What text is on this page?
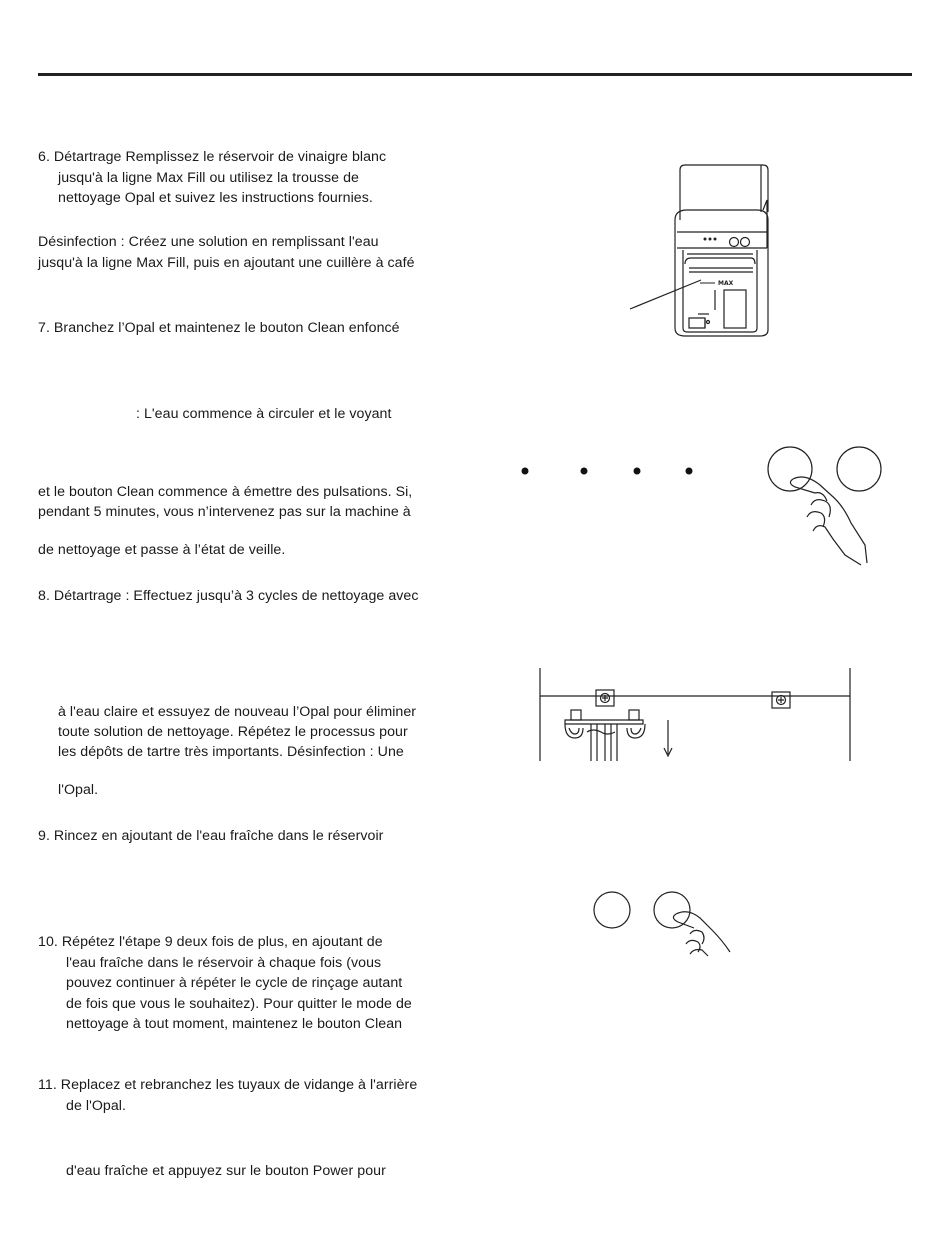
6. Détartrage Remplissez le réservoir de vinaigre blanc
jusqu'à la ligne Max Fill ou utilisez la trousse de
nettoyage Opal et suivez les instructions fournies.
Désinfection : Créez une solution en remplissant l'eau
jusqu'à la ligne Max Fill, puis en ajoutant une cuillère à café
7. Branchez l’Opal et maintenez le bouton Clean enfoncé
: L'eau commence à circuler et le voyant
et le bouton Clean commence à émettre des pulsations. Si,
pendant 5 minutes, vous n’intervenez pas sur la machine à
de nettoyage et passe à l’état de veille.
8. Détartrage : Effectuez jusqu’à 3 cycles de nettoyage avec
à l'eau claire et essuyez de nouveau l’Opal pour éliminer
toute solution de nettoyage. Répétez le processus pour
les dépôts de tartre très importants. Désinfection : Une
l'Opal.
9. Rincez en ajoutant de l'eau fraîche dans le réservoir
10. Répétez l'étape 9 deux fois de plus, en ajoutant de
l'eau fraîche dans le réservoir à chaque fois (vous
pouvez continuer à répéter le cycle de rinçage autant
de fois que vous le souhaitez). Pour quitter le mode de
nettoyage à tout moment, maintenez le bouton Clean
11. Replacez et rebranchez les tuyaux de vidange à l'arrière
de l'Opal.
d'eau fraîche et appuyez sur le bouton Power pour
MAX
